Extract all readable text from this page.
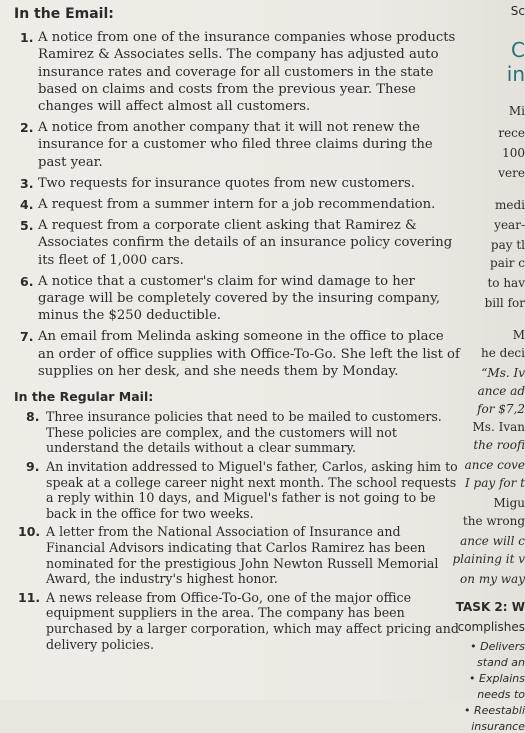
In the Email:
1. A notice from one of the insurance companies whose products Ramirez & Associates sells. The company has adjusted auto insurance rates and coverage for all customers in the state based on claims and costs from the previous year. These changes will affect almost all customers.
2. A notice from another company that it will not renew the insurance for a customer who filed three claims during the past year.
3. Two requests for insurance quotes from new customers.
4. A request from a summer intern for a job recommendation.
5. A request from a corporate client asking that Ramirez & Associates confirm the details of an insurance policy covering its fleet of 1,000 cars.
6. A notice that a customer's claim for wind damage to her garage will be completely covered by the insuring company, minus the $250 deductible.
7. An email from Melinda asking someone in the office to place an order of office supplies with Office-To-Go. She left the list of supplies on her desk, and she needs them by Monday.
In the Regular Mail:
8. Three insurance policies that need to be mailed to customers. These policies are complex, and the customers will not understand the details without a clear summary.
9. An invitation addressed to Miguel's father, Carlos, asking him to speak at a college career night next month. The school requests a reply within 10 days, and Miguel's father is not going to be back in the office for two weeks.
10. A letter from the National Association of Insurance and Financial Advisors indicating that Carlos Ramirez has been nominated for the prestigious John Newton Russell Memorial Award, the industry's highest honor.
11. A news release from Office-To-Go, one of the major office equipment suppliers in the area. The company has been purchased by a larger corporation, which may affect pricing and delivery policies.
Sc
C
in
Mi
rece
100
vere
medi
year-
pay tl
pair c
to hav
bill for
M
he deci
“Ms. Iv
ance ad
for $7,2
Ms. Ivan
the roofi
ance cove
I pay for t
Migu
the wrong
ance will c
plaining it v
on my way
TASK 2: W
complishes
• Delivers
stand an
• Explains
needs to
• Reestabli
insurance
